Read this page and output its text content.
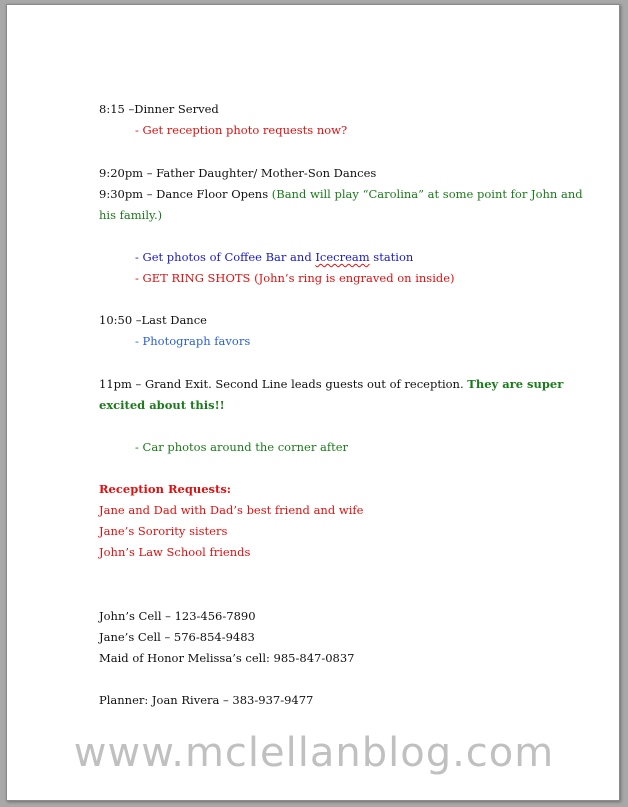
8:15 –Dinner Served
- Get reception photo requests now?
9:20pm – Father Daughter/ Mother-Son Dances
9:30pm – Dance Floor Opens (Band will play “Carolina” at some point for John and
his family.)
- Get photos of Coffee Bar and Icecream station
- GET RING SHOTS (John’s ring is engraved on inside)
10:50 –Last Dance
- Photograph favors
11pm – Grand Exit. Second Line leads guests out of reception. They are super
excited about this!!
- Car photos around the corner after
Reception Requests:
Jane and Dad with Dad’s best friend and wife
Jane’s Sorority sisters
John’s Law School friends
John’s Cell – 123-456-7890
Jane’s Cell – 576-854-9483
Maid of Honor Melissa’s cell: 985-847-0837
Planner: Joan Rivera – 383-937-9477
www.mclellanblog.com
